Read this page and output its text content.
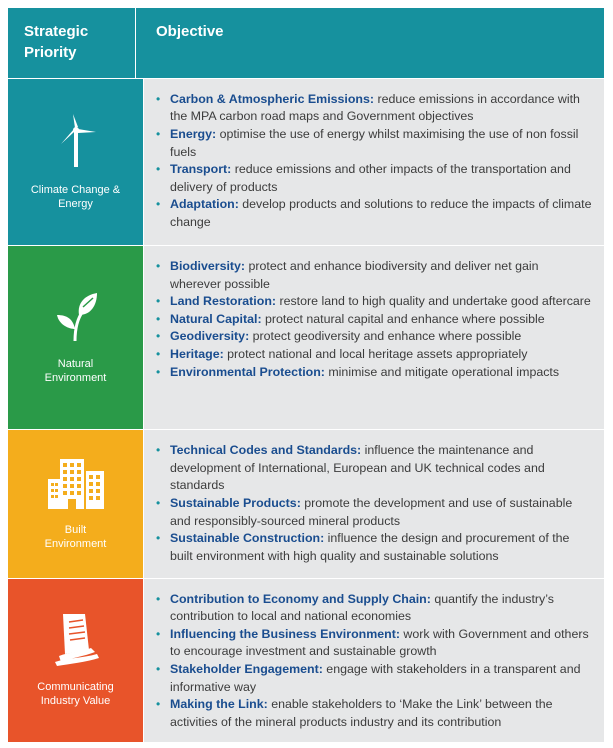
Strategic Priority
Objective
Climate Change & Energy
• Carbon & Atmospheric Emissions: reduce emissions in accordance with the MPA carbon road maps and Government objectives
• Energy: optimise the use of energy whilst maximising the use of non fossil fuels
• Transport: reduce emissions and other impacts of the transportation and delivery of products
• Adaptation: develop products and solutions to reduce the impacts of climate change
Natural Environment
• Biodiversity: protect and enhance biodiversity and deliver net gain wherever possible
• Land Restoration: restore land to high quality and undertake good aftercare
• Natural Capital: protect natural capital and enhance where possible
• Geodiversity: protect geodiversity and enhance where possible
• Heritage: protect national and local heritage assets appropriately
• Environmental Protection: minimise and mitigate operational impacts
Built Environment
• Technical Codes and Standards: influence the maintenance and development of International, European and UK technical codes and standards
• Sustainable Products: promote the development and use of sustainable and responsibly-sourced mineral products
• Sustainable Construction: influence the design and procurement of the built environment with high quality and sustainable solutions
Communicating Industry Value
• Contribution to Economy and Supply Chain: quantify the industry’s contribution to local and national economies
• Influencing the Business Environment: work with Government and others to encourage investment and sustainable growth
• Stakeholder Engagement: engage with stakeholders in a transparent and informative way
• Making the Link: enable stakeholders to ‘Make the Link’ between the activities of the mineral products industry and its contribution
